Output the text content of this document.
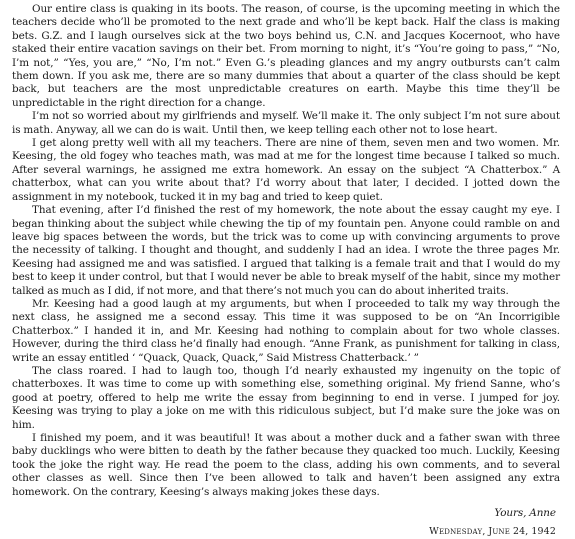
Our entire class is quaking in its boots. The reason, of course, is the upcoming meeting in which the teachers decide who’ll be promoted to the next grade and who’ll be kept back. Half the class is making bets. G.Z. and I laugh ourselves sick at the two boys behind us, C.N. and Jacques Kocernoot, who have staked their entire vacation savings on their bet. From morning to night, it’s “You’re going to pass,” “No, I’m not,” “Yes, you are,” “No, I’m not.” Even G.’s pleading glances and my angry outbursts can’t calm them down. If you ask me, there are so many dummies that about a quarter of the class should be kept back, but teachers are the most unpredictable creatures on earth. Maybe this time they’ll be unpredictable in the right direction for a change.

I’m not so worried about my girlfriends and myself. We’ll make it. The only subject I’m not sure about is math. Anyway, all we can do is wait. Until then, we keep telling each other not to lose heart.

I get along pretty well with all my teachers. There are nine of them, seven men and two women. Mr. Keesing, the old fogey who teaches math, was mad at me for the longest time because I talked so much. After several warnings, he assigned me extra homework. An essay on the subject “A Chatterbox.” A chatterbox, what can you write about that? I’d worry about that later, I decided. I jotted down the assignment in my notebook, tucked it in my bag and tried to keep quiet.

That evening, after I’d finished the rest of my homework, the note about the essay caught my eye. I began thinking about the subject while chewing the tip of my fountain pen. Anyone could ramble on and leave big spaces between the words, but the trick was to come up with convincing arguments to prove the necessity of talking. I thought and thought, and suddenly I had an idea. I wrote the three pages Mr. Keesing had assigned me and was satisfied. I argued that talking is a female trait and that I would do my best to keep it under control, but that I would never be able to break myself of the habit, since my mother talked as much as I did, if not more, and that there’s not much you can do about inherited traits.

Mr. Keesing had a good laugh at my arguments, but when I proceeded to talk my way through the next class, he assigned me a second essay. This time it was supposed to be on “An Incorrigible Chatterbox.” I handed it in, and Mr. Keesing had nothing to complain about for two whole classes. However, during the third class he’d finally had enough. “Anne Frank, as punishment for talking in class, write an essay entitled ‘ “Quack, Quack, Quack,” Said Mistress Chatterback.’ ”

The class roared. I had to laugh too, though I’d nearly exhausted my ingenuity on the topic of chatterboxes. It was time to come up with something else, something original. My friend Sanne, who’s good at poetry, offered to help me write the essay from beginning to end in verse. I jumped for joy. Keesing was trying to play a joke on me with this ridiculous subject, but I’d make sure the joke was on him.

I finished my poem, and it was beautiful! It was about a mother duck and a father swan with three baby ducklings who were bitten to death by the father because they quacked too much. Luckily, Keesing took the joke the right way. He read the poem to the class, adding his own comments, and to several other classes as well. Since then I’ve been allowed to talk and haven’t been assigned any extra homework. On the contrary, Keesing’s always making jokes these days.

Yours, Anne
Wednesday, June 24, 1942
